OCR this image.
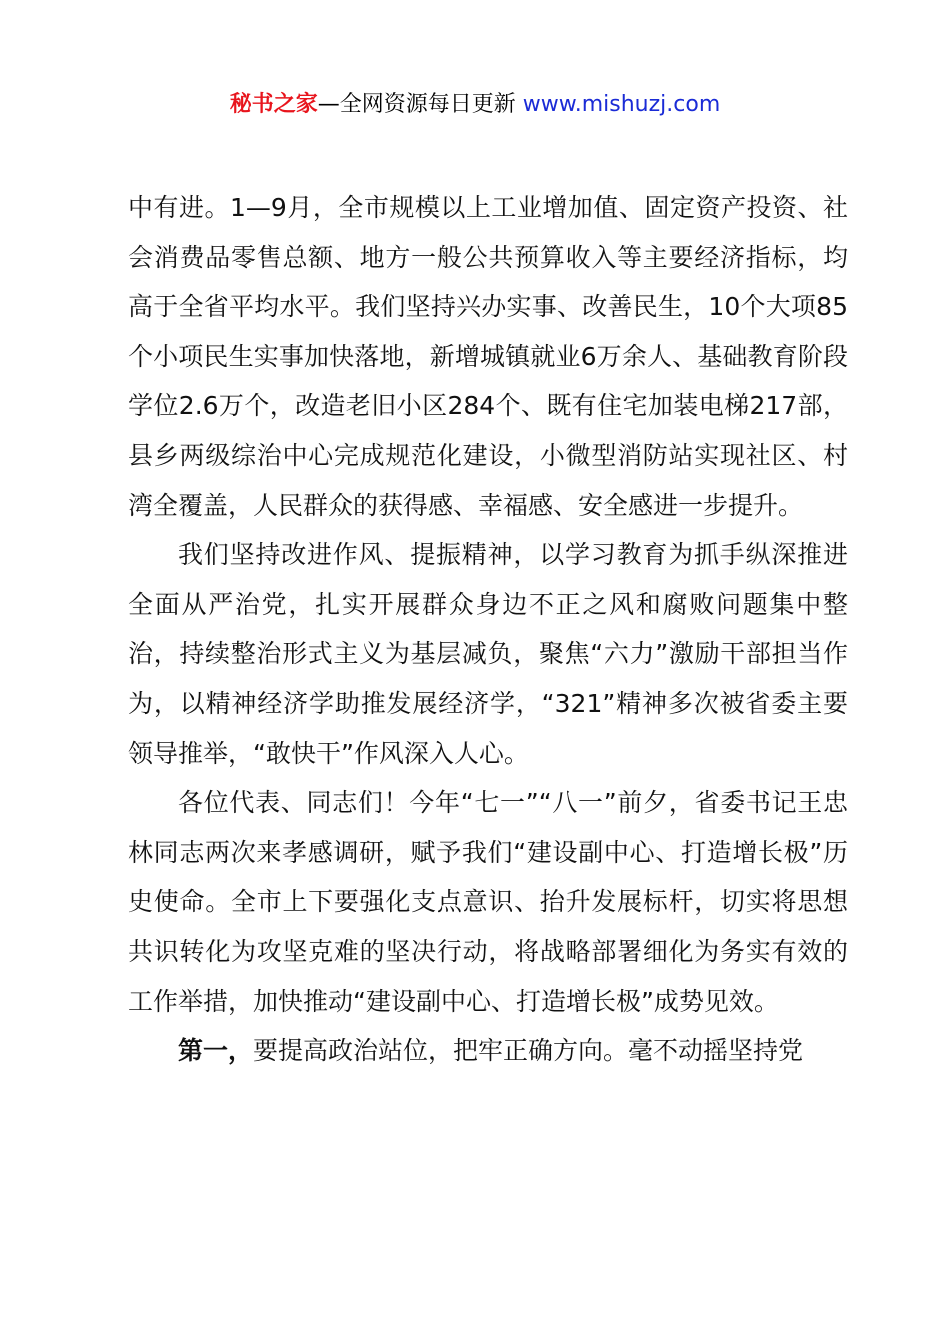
秘书之家—全网资源每日更新 www.mishuzj.com

中有进。1—9月，全市规模以上工业增加值、固定资产投资、社会消费品零售总额、地方一般公共预算收入等主要经济指标，均高于全省平均水平。我们坚持兴办实事、改善民生，10个大项85个小项民生实事加快落地，新增城镇就业6万余人、基础教育阶段学位2.6万个，改造老旧小区284个、既有住宅加装电梯217部，县乡两级综治中心完成规范化建设，小微型消防站实现社区、村湾全覆盖，人民群众的获得感、幸福感、安全感进一步提升。

我们坚持改进作风、提振精神，以学习教育为抓手纵深推进全面从严治党，扎实开展群众身边不正之风和腐败问题集中整治，持续整治形式主义为基层减负，聚焦“六力”激励干部担当作为，以精神经济学助推发展经济学，“321”精神多次被省委主要领导推举，“敢快干”作风深入人心。

各位代表、同志们！今年“七一”“八一”前夕，省委书记王忠林同志两次来孝感调研，赋予我们“建设副中心、打造增长极”历史使命。全市上下要强化支点意识、抬升发展标杆，切实将思想共识转化为攻坚克难的坚决行动，将战略部署细化为务实有效的工作举措，加快推动“建设副中心、打造增长极”成势见效。

第一，要提高政治站位，把牢正确方向。毫不动摇坚持党
